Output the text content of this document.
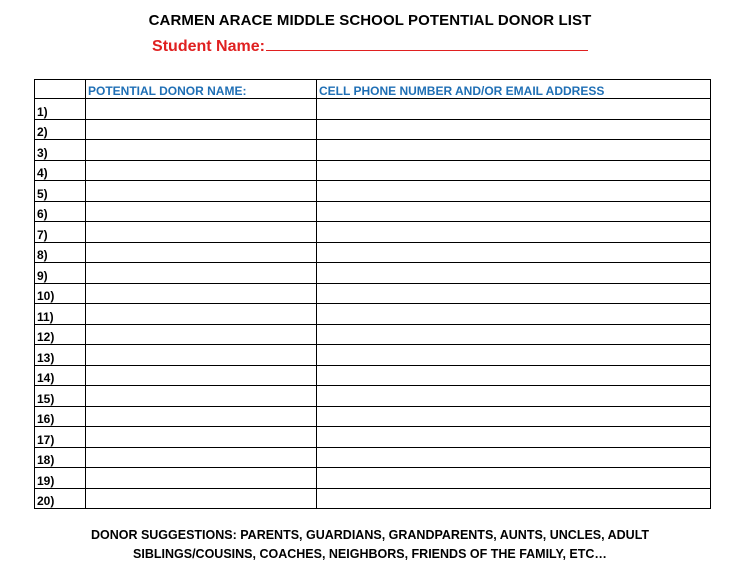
CARMEN ARACE MIDDLE SCHOOL POTENTIAL DONOR LIST
Student Name:
	POTENTIAL DONOR NAME:	CELL PHONE NUMBER AND/OR EMAIL ADDRESS
1)		
2)		
3)		
4)		
5)		
6)		
7)		
8)		
9)		
10)		
11)		
12)		
13)		
14)		
15)		
16)		
17)		
18)		
19)		
20)		
DONOR SUGGESTIONS: PARENTS, GUARDIANS, GRANDPARENTS, AUNTS, UNCLES, ADULT
SIBLINGS/COUSINS, COACHES, NEIGHBORS, FRIENDS OF THE FAMILY, ETC…
